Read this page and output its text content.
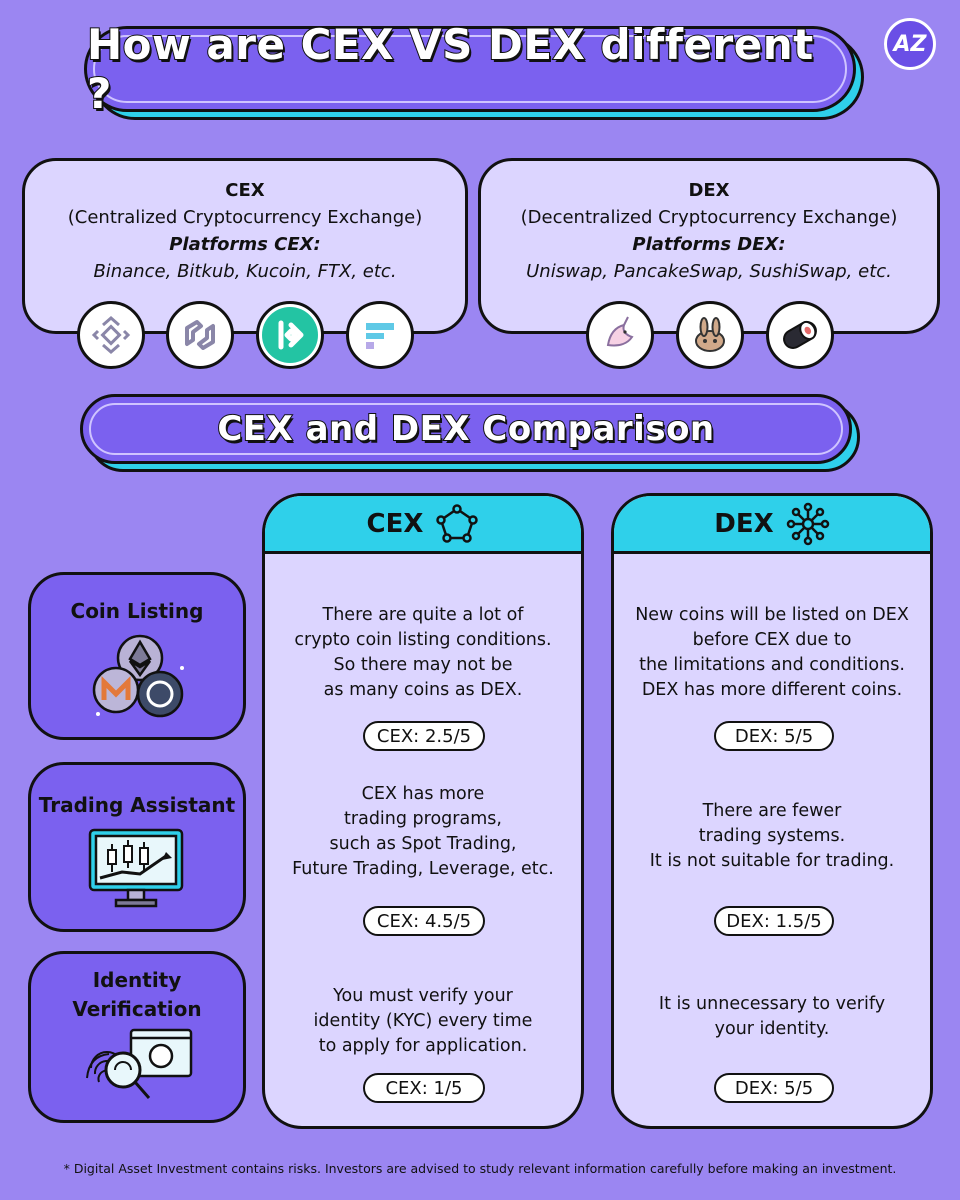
How are CEX VS DEX different ?
AZ
CEX
(Centralized Cryptocurrency Exchange)
Platforms CEX:
Binance, Bitkub, Kucoin, FTX, etc.
DEX
(Decentralized Cryptocurrency Exchange)
Platforms DEX:
Uniswap, PancakeSwap, SushiSwap, etc.
CEX and DEX Comparison
CEX
There are quite a lot of
crypto coin listing conditions.
So there may not be
as many coins as DEX.
CEX: 2.5/5
CEX has more
trading programs,
such as Spot Trading,
Future Trading, Leverage, etc.
CEX: 4.5/5
You must verify your
identity (KYC) every time
to apply for application.
CEX: 1/5
DEX
New coins will be listed on DEX
before CEX due to
the limitations and conditions.
DEX has more different coins.
DEX: 5/5
There are fewer
trading systems.
It is not suitable for trading.
DEX: 1.5/5
It is unnecessary to verify
your identity.
DEX: 5/5
Coin Listing
Trading Assistant
Identity
Verification
* Digital Asset Investment contains risks. Investors are advised to study relevant information carefully before making an investment.
